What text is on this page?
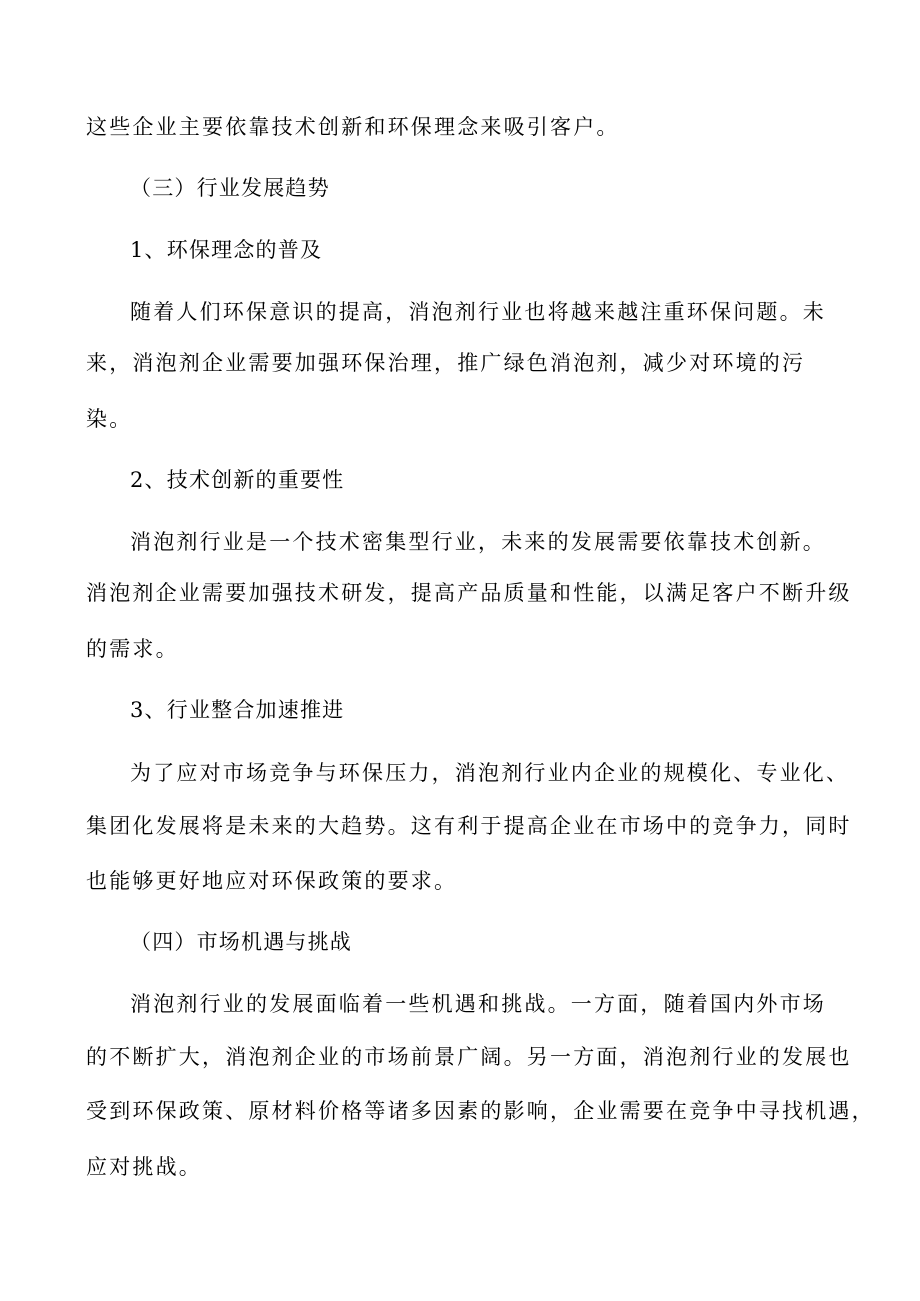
这些企业主要依靠技术创新和环保理念来吸引客户。
（三）行业发展趋势
1、环保理念的普及
随着人们环保意识的提高，消泡剂行业也将越来越注重环保问题。未
来，消泡剂企业需要加强环保治理，推广绿色消泡剂，减少对环境的污
染。
2、技术创新的重要性
消泡剂行业是一个技术密集型行业，未来的发展需要依靠技术创新。
消泡剂企业需要加强技术研发，提高产品质量和性能，以满足客户不断升级
的需求。
3、行业整合加速推进
为了应对市场竞争与环保压力，消泡剂行业内企业的规模化、专业化、
集团化发展将是未来的大趋势。这有利于提高企业在市场中的竞争力，同时
也能够更好地应对环保政策的要求。
（四）市场机遇与挑战
消泡剂行业的发展面临着一些机遇和挑战。一方面，随着国内外市场
的不断扩大，消泡剂企业的市场前景广阔。另一方面，消泡剂行业的发展也
受到环保政策、原材料价格等诸多因素的影响，企业需要在竞争中寻找机遇，
应对挑战。
